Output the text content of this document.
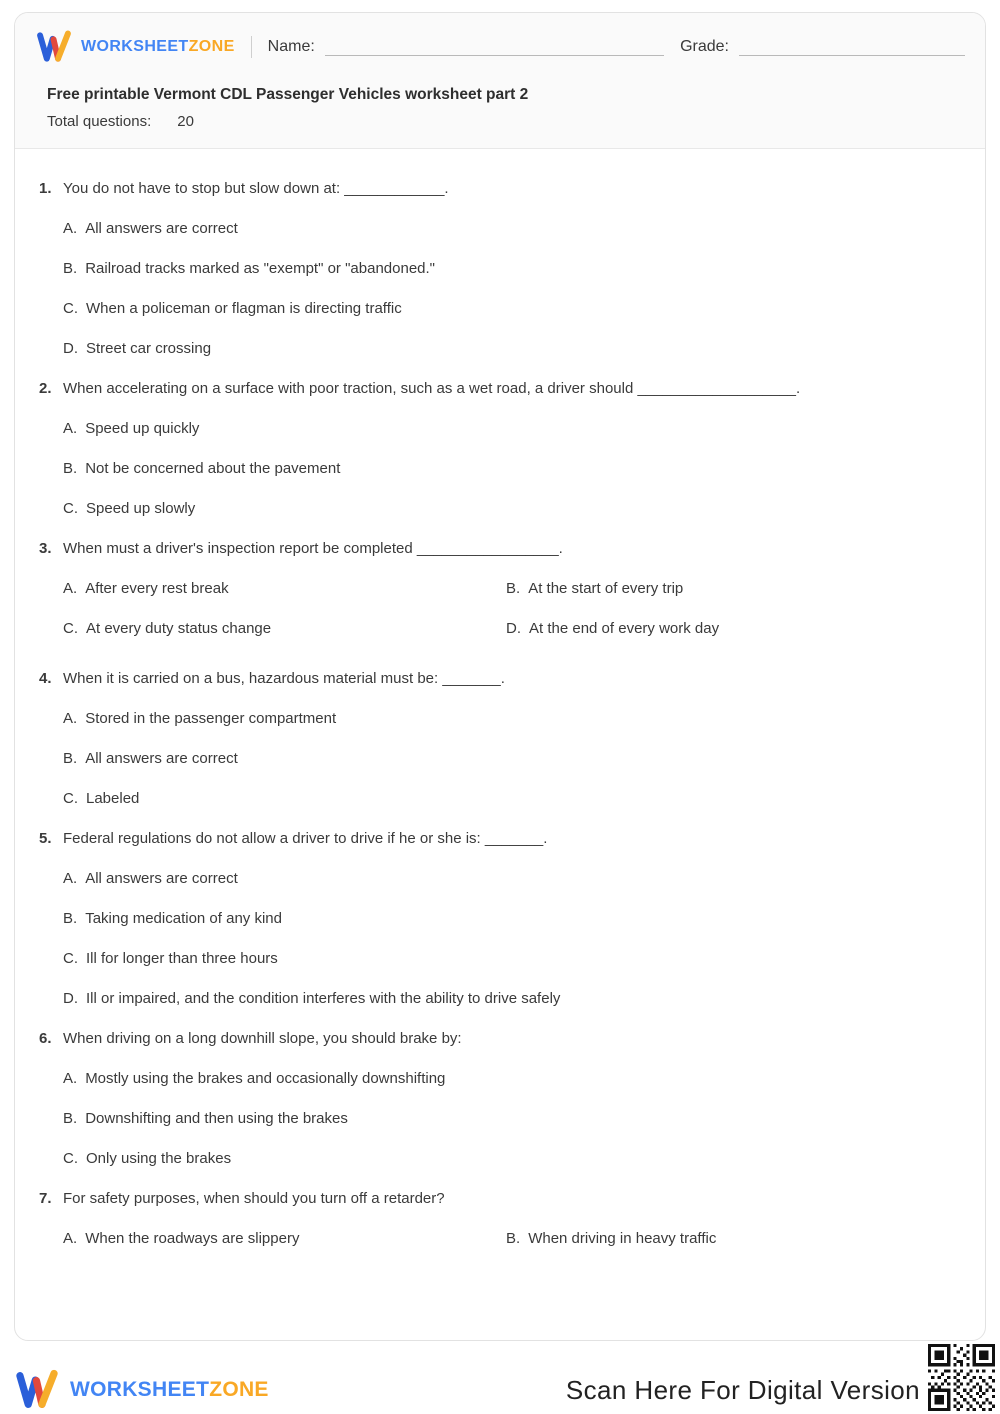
WORKSHEETZONE Name:	Grade:
Free printable Vermont CDL Passenger Vehicles worksheet part 2
Total questions: 20
1. You do not have to stop but slow down at: ____________.
A. All answers are correct
B. Railroad tracks marked as "exempt" or "abandoned."
C. When a policeman or flagman is directing traffic
D. Street car crossing
2. When accelerating on a surface with poor traction, such as a wet road, a driver should ___________________.
A. Speed up quickly
B. Not be concerned about the pavement
C. Speed up slowly
3. When must a driver's inspection report be completed _________________.
A. After every rest break	B. At the start of every trip
C. At every duty status change	D. At the end of every work day
4. When it is carried on a bus, hazardous material must be: _______.
A. Stored in the passenger compartment
B. All answers are correct
C. Labeled
5. Federal regulations do not allow a driver to drive if he or she is: _______.
A. All answers are correct
B. Taking medication of any kind
C. Ill for longer than three hours
D. Ill or impaired, and the condition interferes with the ability to drive safely
6. When driving on a long downhill slope, you should brake by:
A. Mostly using the brakes and occasionally downshifting
B. Downshifting and then using the brakes
C. Only using the brakes
7. For safety purposes, when should you turn off a retarder?
A. When the roadways are slippery	B. When driving in heavy traffic
WORKSHEETZONE	Scan Here For Digital Version
